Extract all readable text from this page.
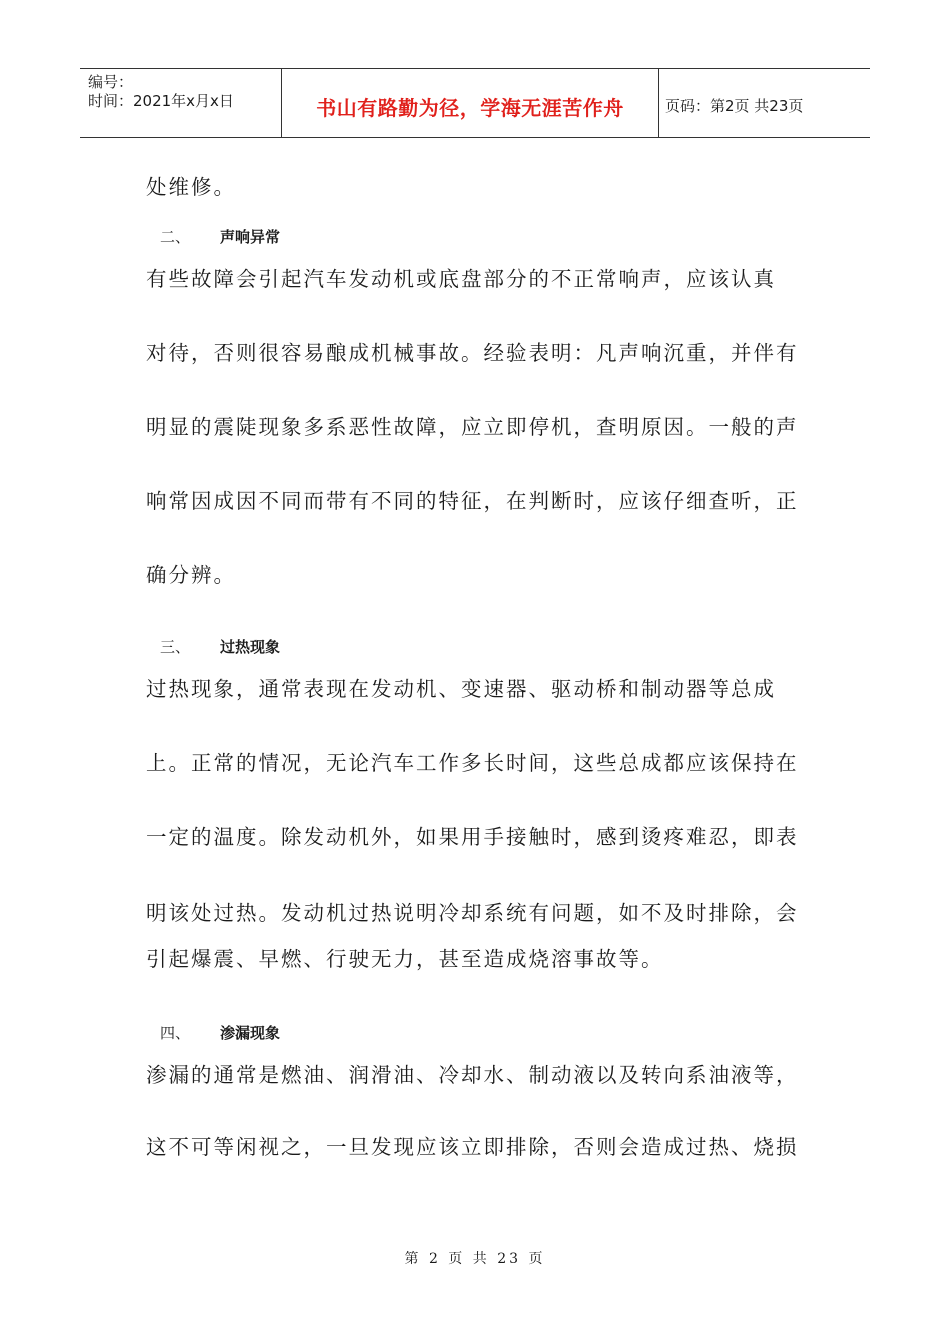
编号：
时间：2021年x月x日	书山有路勤为径，学海无涯苦作舟	页码：第2页 共23页
处维修。
二、 声响异常
有些故障会引起汽车发动机或底盘部分的不正常响声，应该认真
对待，否则很容易酿成机械事故。经验表明：凡声响沉重，并伴有
明显的震陡现象多系恶性故障，应立即停机，查明原因。一般的声
响常因成因不同而带有不同的特征，在判断时，应该仔细查听，正
确分辨。
三、 过热现象
过热现象，通常表现在发动机、变速器、驱动桥和制动器等总成
上。正常的情况，无论汽车工作多长时间，这些总成都应该保持在
一定的温度。除发动机外，如果用手接触时，感到烫疼难忍，即表
明该处过热。发动机过热说明冷却系统有问题，如不及时排除，会
引起爆震、早燃、行驶无力，甚至造成烧溶事故等。
四、 渗漏现象
渗漏的通常是燃油、润滑油、冷却水、制动液以及转向系油液等，
这不可等闲视之，一旦发现应该立即排除，否则会造成过热、烧损
第 2 页 共 23 页
